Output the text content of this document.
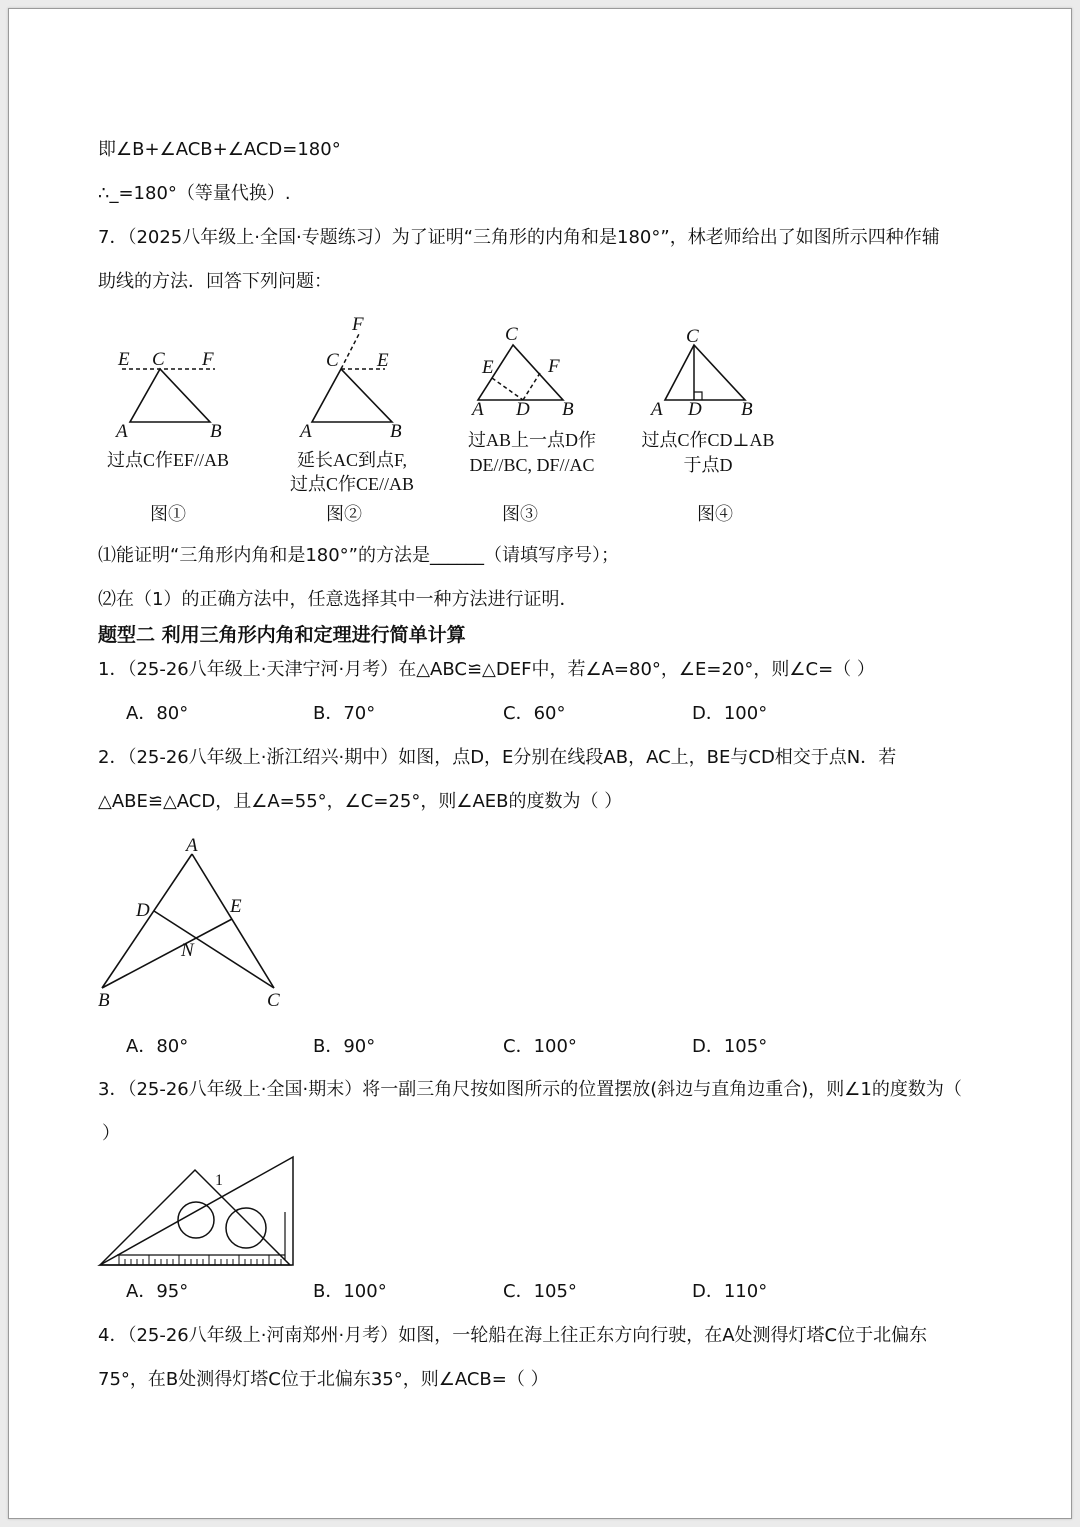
即∠B+∠ACB+∠ACD=180°
∴_=180°（等量代换）.
7．（2025八年级上·全国·专题练习）为了证明“三角形的内角和是180°”，林老师给出了如图所示四种作辅
助线的方法．回答下列问题：
E C F
A	B
过点C作EF//AB
图①
F
C E
A	B
延长AC到点F,
过点C作CE//AB
图②
C
E	F
A D B
过AB上一点D作
DE//BC, DF//AC
图③
C
A D B
过点C作CD⊥AB
于点D
图④
⑴能证明“三角形内角和是180°”的方法是______（请填写序号）；
⑵在（1）的正确方法中，任意选择其中一种方法进行证明．
题型二 利用三角形内角和定理进行简单计算
1．（25-26八年级上·天津宁河·月考）在△ABC≌△DEF中，若∠A=80°，∠E=20°，则∠C=（ ）
A．80°	B．70°	C．60°	D．100°
2．（25-26八年级上·浙江绍兴·期中）如图，点D，E分别在线段AB，AC上，BE与CD相交于点N．若
△ABE≌△ACD，且∠A=55°，∠C=25°，则∠AEB的度数为（ ）
A
D	E
N
B	C
A．80°	B．90°	C．100°	D．105°
3．（25-26八年级上·全国·期末）将一副三角尺按如图所示的位置摆放(斜边与直角边重合)，则∠1的度数为（
）
1
A．95°	B．100°	C．105°	D．110°
4．（25-26八年级上·河南郑州·月考）如图，一轮船在海上往正东方向行驶，在A处测得灯塔C位于北偏东
75°，在B处测得灯塔C位于北偏东35°，则∠ACB=（ ）
